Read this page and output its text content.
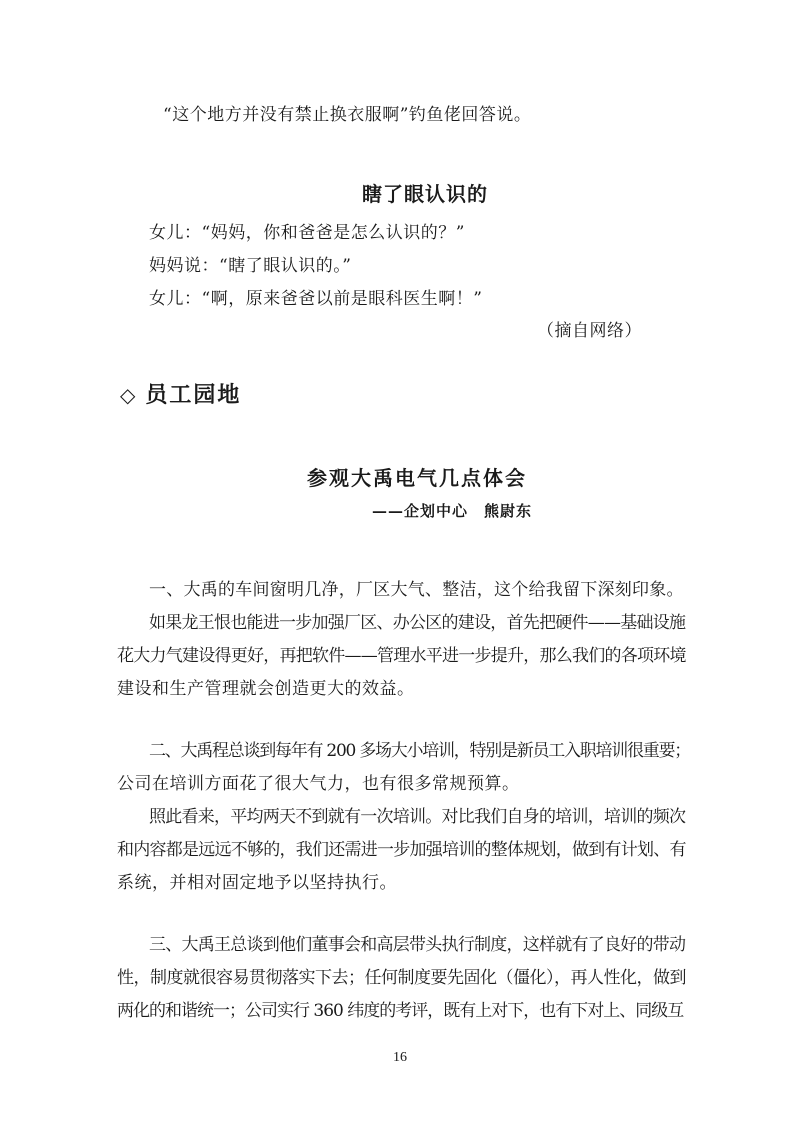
“这个地方并没有禁止换衣服啊”钓鱼佬回答说。
瞎了眼认识的
女儿：“妈妈，你和爸爸是怎么认识的？”
妈妈说：“瞎了眼认识的。”
女儿：“啊，原来爸爸以前是眼科医生啊！”
（摘自网络）
◇ 员工园地
参观大禹电气几点体会
——企划中心　熊尉东
一、大禹的车间窗明几净，厂区大气、整洁，这个给我留下深刻印象。
如果龙王恨也能进一步加强厂区、办公区的建设，首先把硬件——基础设施
花大力气建设得更好，再把软件——管理水平进一步提升，那么我们的各项环境
建设和生产管理就会创造更大的效益。
二、大禹程总谈到每年有 200 多场大小培训，特别是新员工入职培训很重要；
公司在培训方面花了很大气力，也有很多常规预算。
照此看来，平均两天不到就有一次培训。对比我们自身的培训，培训的频次
和内容都是远远不够的，我们还需进一步加强培训的整体规划，做到有计划、有
系统，并相对固定地予以坚持执行。
三、大禹王总谈到他们董事会和高层带头执行制度，这样就有了良好的带动
性，制度就很容易贯彻落实下去；任何制度要先固化（僵化），再人性化，做到
两化的和谐统一；公司实行 360 纬度的考评，既有上对下，也有下对上、同级互
16
